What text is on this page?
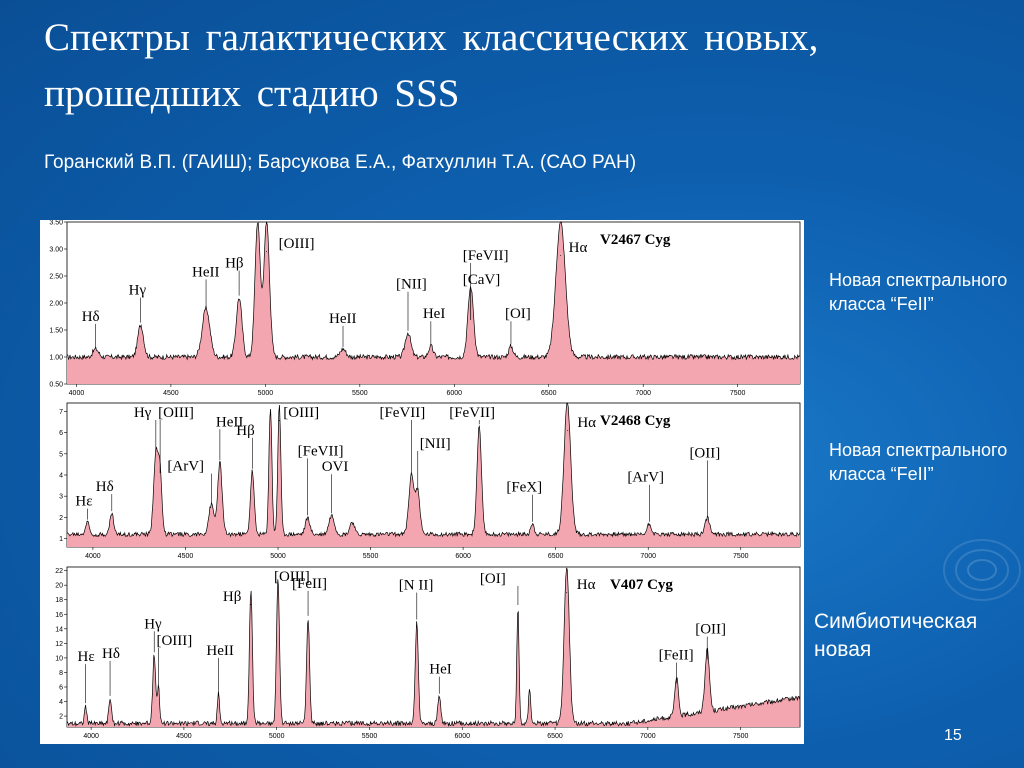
Спектры галактических классических новых, прошедших стадию SSS
Горанский В.П. (ГАИШ); Барсукова Е.А., Фатхуллин Т.А. (САО РАН)
4000	4500	5000	5500	6000	6500	7000	7500
0.50
1.00
1.50
2.00
2.50
3.00
3.50
Hδ
Hγ
HeII
Hβ
[OIII]
HeII
[NII]
HeI
[FeVII]
[CaV]
[OI]
Hα V2467 Cyg
4000	4500	5000	5500	6000	6500	7000	7500
1
2
3
4
5
6
7
Hε
Hδ
Hγ [OIII]
[ArV]
HeII
Hβ
[OIII]
[FeVII]
OVI
[FeVII]
[NII]
[FeVII]
[FeX]
Hα
[ArV]
[OII]
V2468 Cyg
4000	4500	5000	5500	6000	6500	7000	7500
2
4
6
8
10
12
14
16
18
20
22
Hε Hδ
Hγ
[OIII]
HeII
Hβ
[OIII]
[FeII]	[N II]
HeI
[OI]	Hα
[FeII]
[OII]
V407 Cyg
Новая спектрального класса “FeII”
Новая спектрального класса “FeII”
Симбиотическая новая
15
